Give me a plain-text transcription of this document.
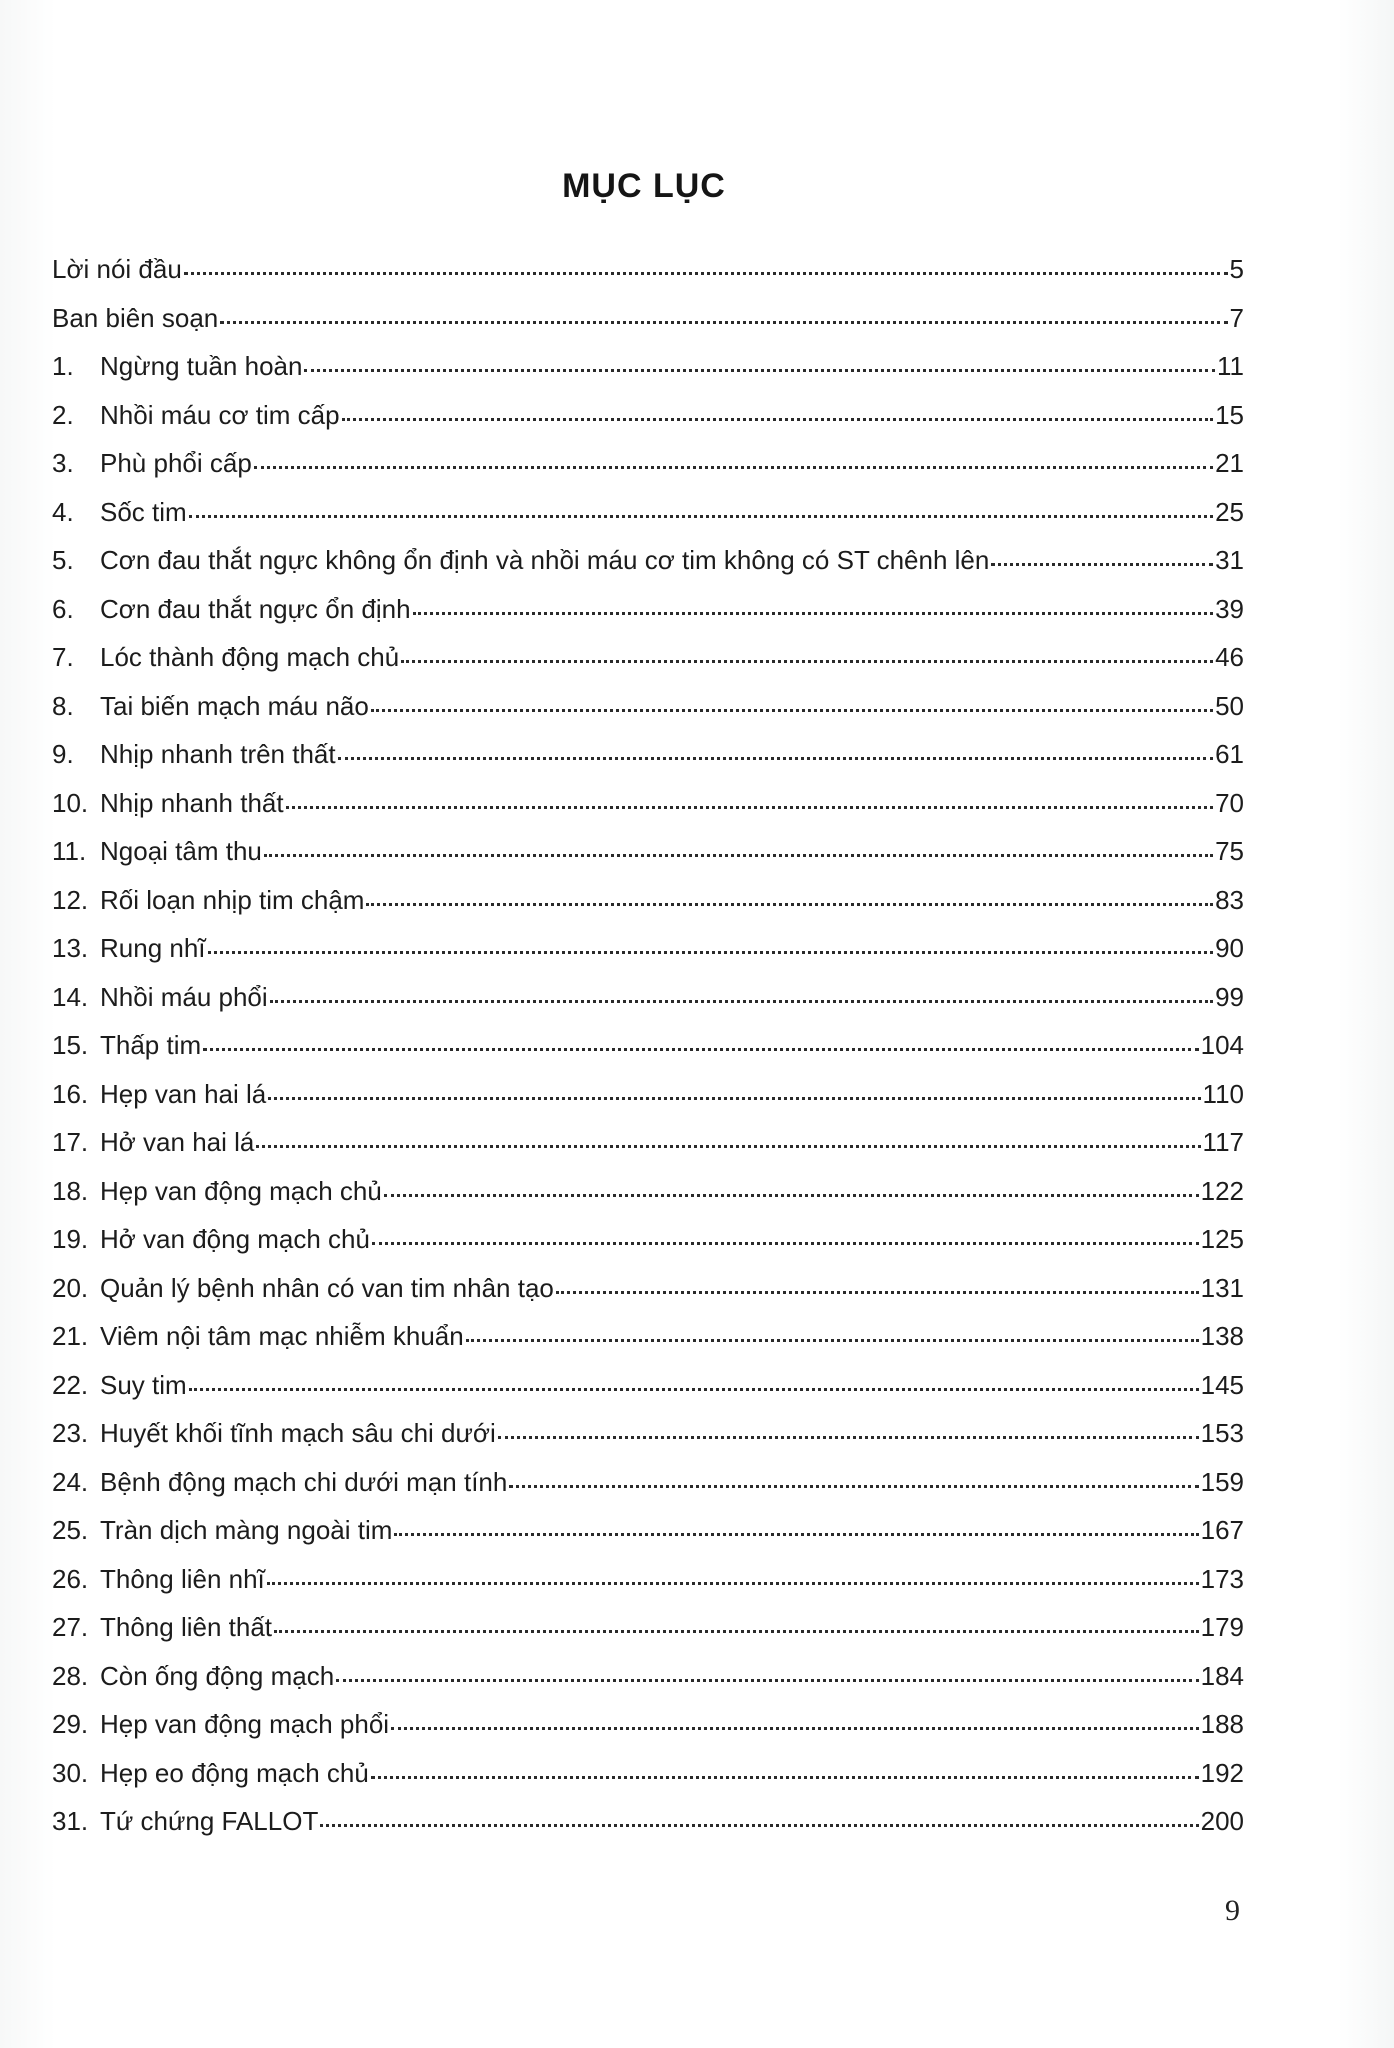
MỤC LỤC
Lời nói đầu	5
Ban biên soạn	7
1.	Ngừng tuần hoàn	11
2.	Nhồi máu cơ tim cấp	15
3.	Phù phổi cấp	21
4.	Sốc tim	25
5.	Cơn đau thắt ngực không ổn định và nhồi máu cơ tim không có ST chênh lên	31
6.	Cơn đau thắt ngực ổn định	39
7.	Lóc thành động mạch chủ	46
8.	Tai biến mạch máu não	50
9.	Nhịp nhanh trên thất	61
10. Nhịp nhanh thất	70
11. Ngoại tâm thu	75
12. Rối loạn nhịp tim chậm	83
13. Rung nhĩ	90
14. Nhồi máu phổi	99
15. Thấp tim	104
16. Hẹp van hai lá	110
17. Hở van hai lá	117
18. Hẹp van động mạch chủ	122
19. Hở van động mạch chủ	125
20. Quản lý bệnh nhân có van tim nhân tạo	131
21. Viêm nội tâm mạc nhiễm khuẩn	138
22. Suy tim	145
23. Huyết khối tĩnh mạch sâu chi dưới	153
24. Bệnh động mạch chi dưới mạn tính	159
25. Tràn dịch màng ngoài tim	167
26. Thông liên nhĩ	173
27. Thông liên thất	179
28. Còn ống động mạch	184
29. Hẹp van động mạch phổi	188
30. Hẹp eo động mạch chủ	192
31. Tứ chứng FALLOT	200
9
